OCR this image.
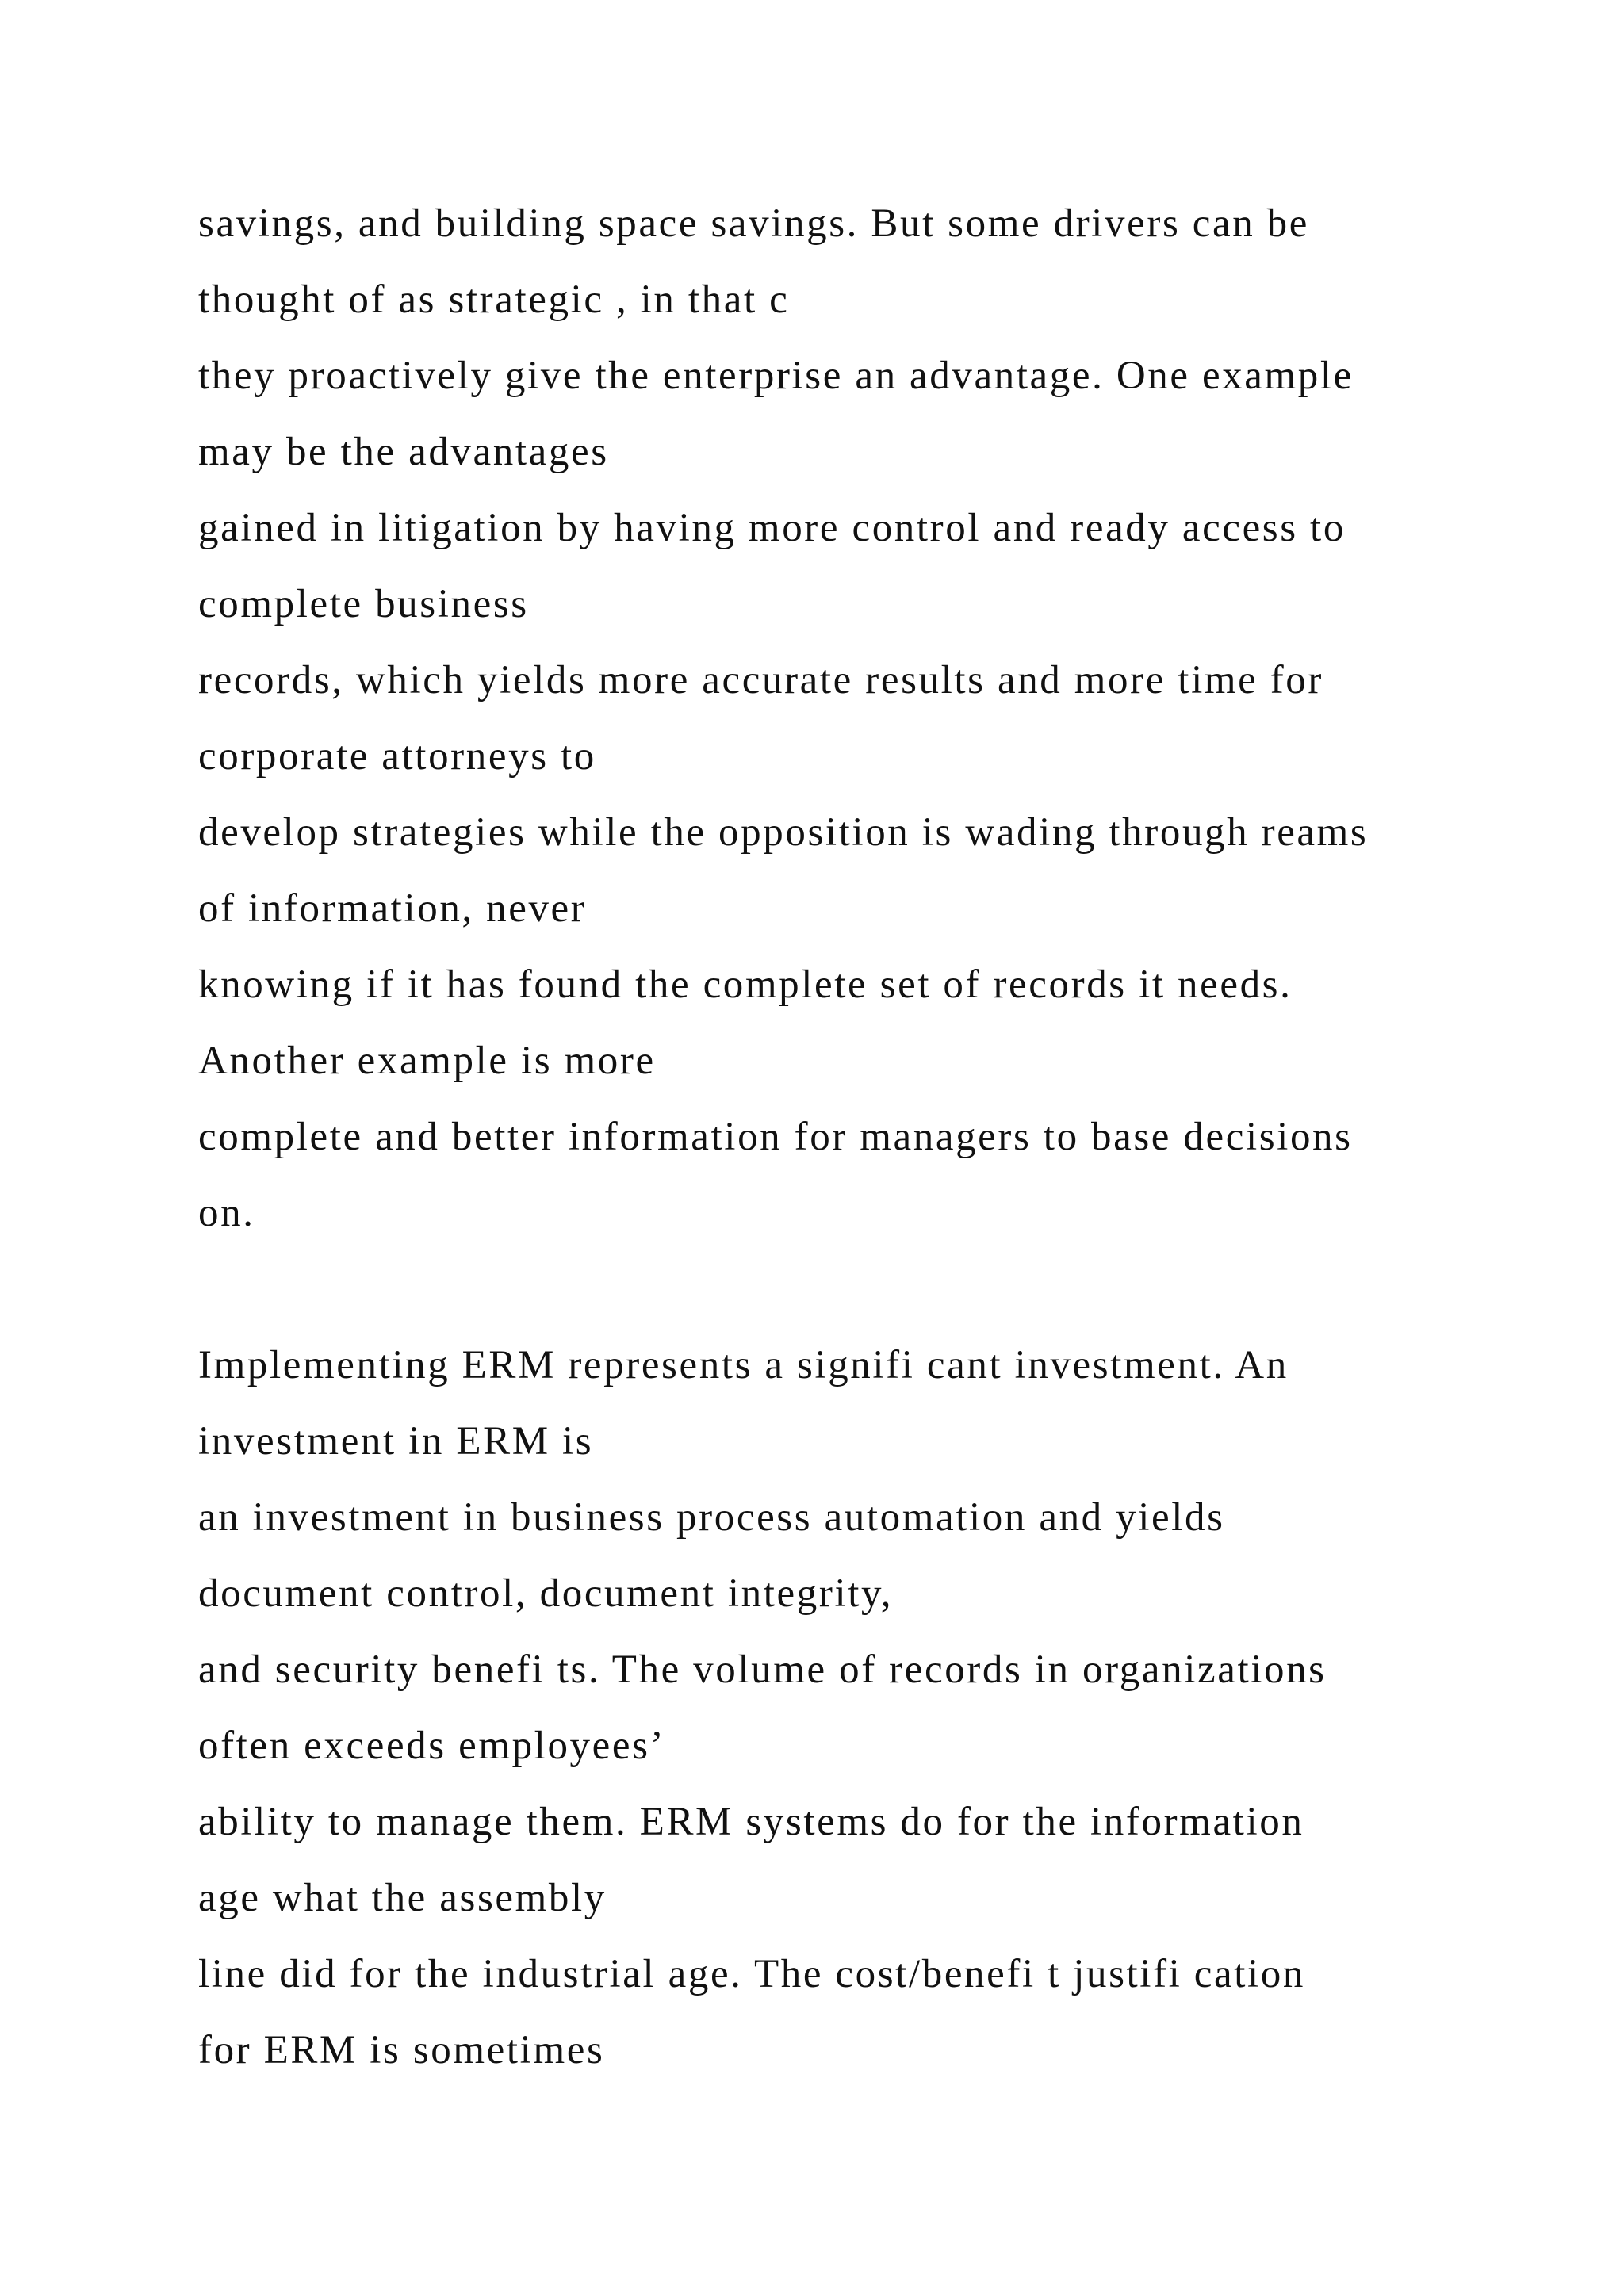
savings, and building space savings. But some drivers can be

thought of as strategic , in that c

they proactively give the enterprise an advantage. One example

may be the advantages

gained in litigation by having more control and ready access to

complete business

records, which yields more accurate results and more time for

corporate attorneys to

develop strategies while the opposition is wading through reams

of information, never

knowing if it has found the complete set of records it needs.

Another example is more

complete and better information for managers to base decisions

on.

Implementing ERM represents a signifi cant investment. An

investment in ERM is

an investment in business process automation and yields

document control, document integrity,

and security benefi ts. The volume of records in organizations

often exceeds employees’

ability to manage them. ERM systems do for the information

age what the assembly

line did for the industrial age. The cost/benefi t justifi cation

for ERM is sometimes
